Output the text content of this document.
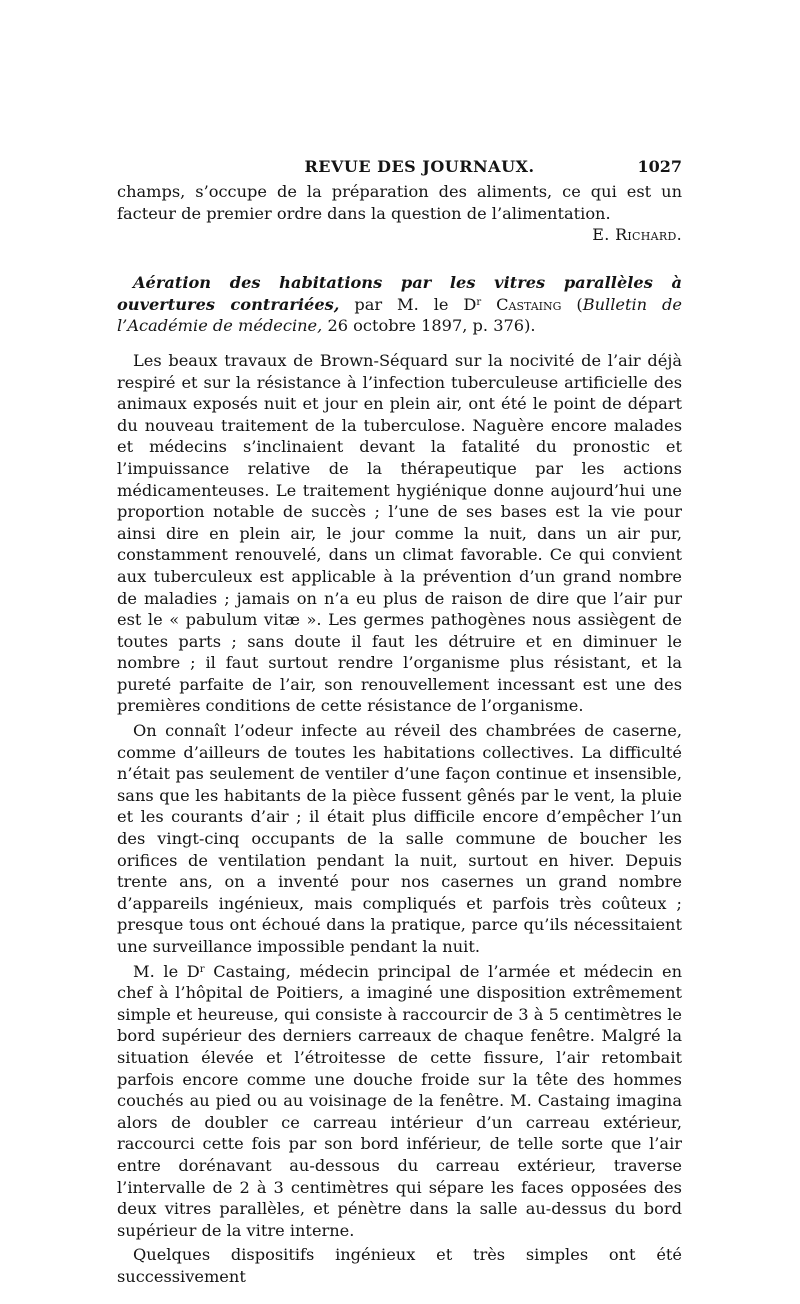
REVUE DES JOURNAUX.	1027

champs, s’occupe de la préparation des aliments, ce qui est un facteur de premier ordre dans la question de l’alimentation.

E. Richard.

Aération des habitations par les vitres parallèles à ouvertures contrariées, par M. le $D^r$ Castaing (Bulletin de l’Académie de médecine, 26 octobre 1897, p. 376).

Les beaux travaux de Brown-Séquard sur la nocivité de l’air déjà respiré et sur la résistance à l’infection tuberculeuse artificielle des animaux exposés nuit et jour en plein air, ont été le point de départ du nouveau traitement de la tuberculose. Naguère encore malades et médecins s’inclinaient devant la fatalité du pronostic et l’impuissance relative de la thérapeutique par les actions médicamenteuses. Le traitement hygiénique donne aujourd’hui une proportion notable de succès ; l’une de ses bases est la vie pour ainsi dire en plein air, le jour comme la nuit, dans un air pur, constamment renouvelé, dans un climat favorable. Ce qui convient aux tuberculeux est applicable à la prévention d’un grand nombre de maladies ; jamais on n’a eu plus de raison de dire que l’air pur est le « pabulum vitæ ». Les germes pathogènes nous assiègent de toutes parts ; sans doute il faut les détruire et en diminuer le nombre ; il faut surtout rendre l’organisme plus résistant, et la pureté parfaite de l’air, son renouvellement incessant est une des premières conditions de cette résistance de l’organisme.

On connaît l’odeur infecte au réveil des chambrées de caserne, comme d’ailleurs de toutes les habitations collectives. La difficulté n’était pas seulement de ventiler d’une façon continue et insensible, sans que les habitants de la pièce fussent gênés par le vent, la pluie et les courants d’air ; il était plus difficile encore d’empêcher l’un des vingt-cinq occupants de la salle commune de boucher les orifices de ventilation pendant la nuit, surtout en hiver. Depuis trente ans, on a inventé pour nos casernes un grand nombre d’appareils ingénieux, mais compliqués et parfois très coûteux ; presque tous ont échoué dans la pratique, parce qu’ils nécessitaient une surveillance impossible pendant la nuit.

M. le $D^r$ Castaing, médecin principal de l’armée et médecin en chef à l’hôpital de Poitiers, a imaginé une disposition extrêmement simple et heureuse, qui consiste à raccourcir de 3 à 5 centimètres le bord supérieur des derniers carreaux de chaque fenêtre. Malgré la situation élevée et l’étroitesse de cette fissure, l’air retombait parfois encore comme une douche froide sur la tête des hommes couchés au pied ou au voisinage de la fenêtre. M. Castaing imagina alors de doubler ce carreau intérieur d’un carreau extérieur, raccourci cette fois par son bord inférieur, de telle sorte que l’air entre dorénavant au-dessous du carreau extérieur, traverse l’intervalle de 2 à 3 centimètres qui sépare les faces opposées des deux vitres parallèles, et pénètre dans la salle au-dessus du bord supérieur de la vitre interne.

Quelques dispositifs ingénieux et très simples ont été successivement
